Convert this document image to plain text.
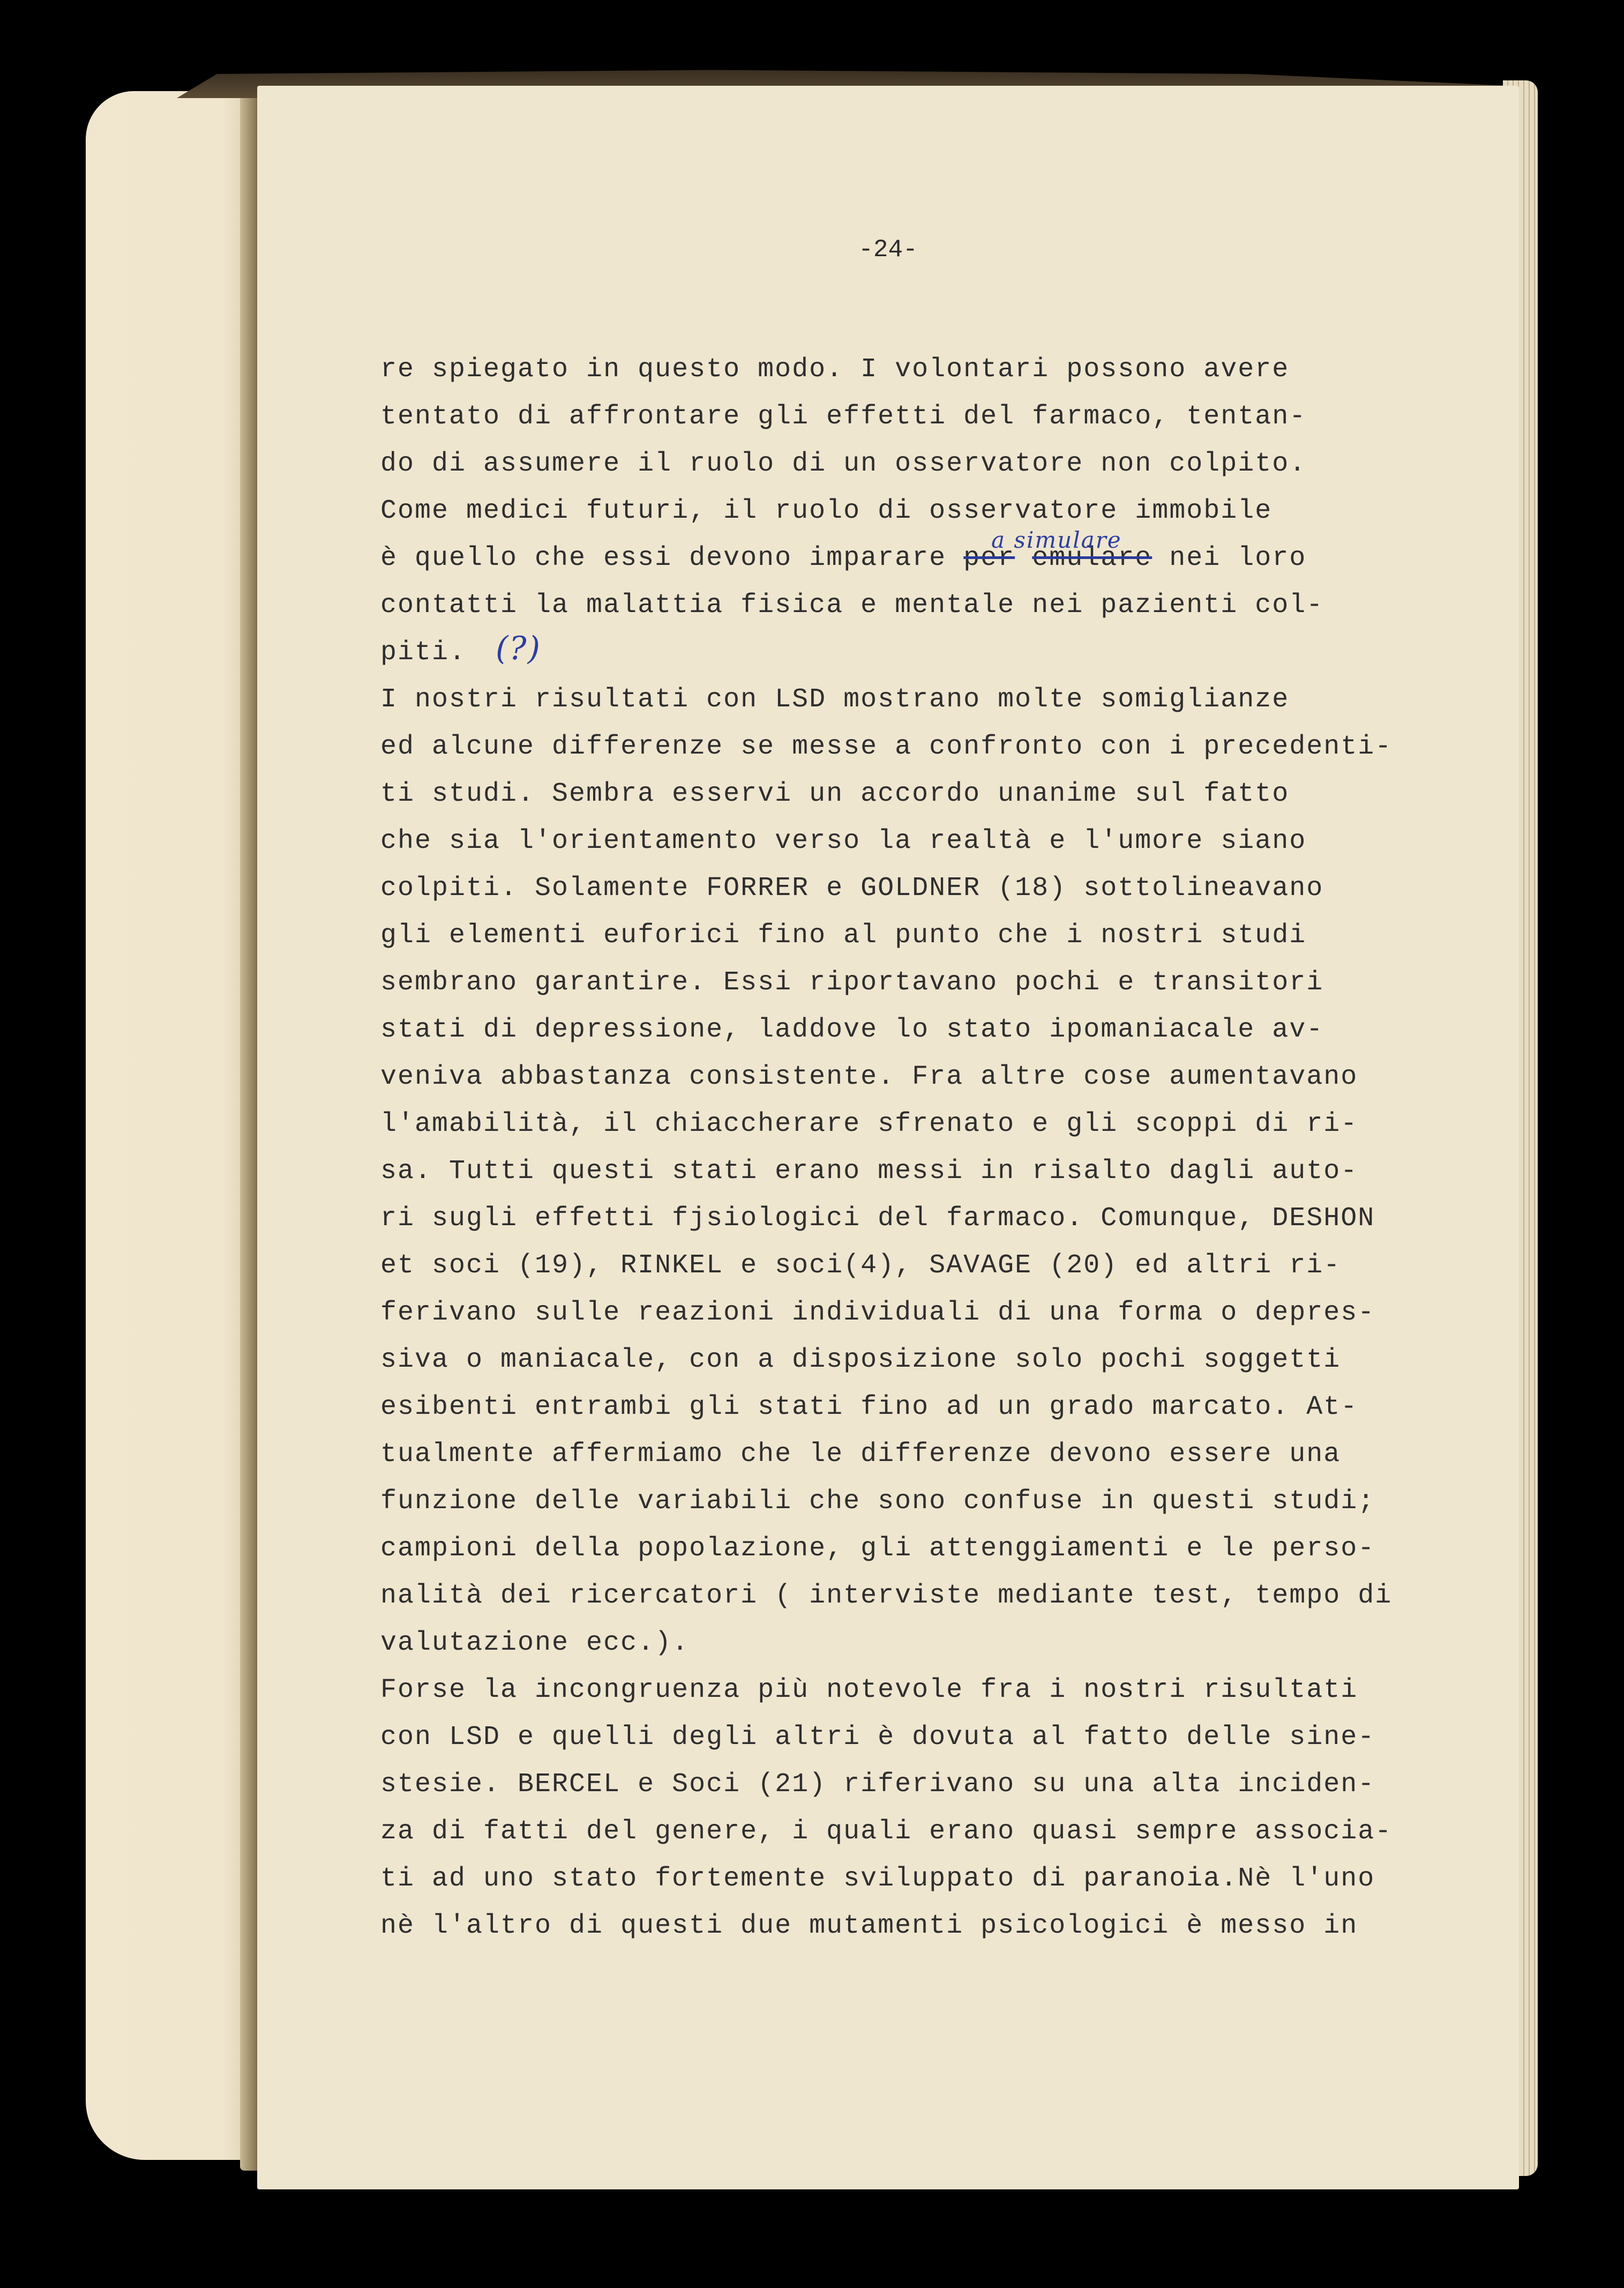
-24-
re spiegato in questo modo. I volontari possono avere
tentato di affrontare gli effetti del farmaco, tentan-
do di assumere il ruolo di un osservatore non colpito.
Come medici futuri, il ruolo di osservatore immobile
è quello che essi devono imparare per emulare nei loro
a simulare
contatti la malattia fisica e mentale nei pazienti col-
piti. (?)
I nostri risultati con LSD mostrano molte somiglianze
ed alcune differenze se messe a confronto con i precedenti-
ti studi. Sembra esservi un accordo unanime sul fatto
che sia l'orientamento verso la realtà e l'umore siano
colpiti. Solamente FORRER e GOLDNER (18) sottolineavano
gli elementi euforici fino al punto che i nostri studi
sembrano garantire. Essi riportavano pochi e transitori
stati di depressione, laddove lo stato ipomaniacale av-
veniva abbastanza consistente. Fra altre cose aumentavano
l'amabilità, il chiaccherare sfrenato e gli scoppi di ri-
sa. Tutti questi stati erano messi in risalto dagli auto-
ri sugli effetti fjsiologici del farmaco. Comunque, DESHON
et soci (19), RINKEL e soci(4), SAVAGE (20) ed altri ri-
ferivano sulle reazioni individuali di una forma o depres-
siva o maniacale, con a disposizione solo pochi soggetti
esibenti entrambi gli stati fino ad un grado marcato. At-
tualmente affermiamo che le differenze devono essere una
funzione delle variabili che sono confuse in questi studi;
campioni della popolazione, gli attenggiamenti e le perso-
nalità dei ricercatori ( interviste mediante test, tempo di
valutazione ecc.).
Forse la incongruenza più notevole fra i nostri risultati
con LSD e quelli degli altri è dovuta al fatto delle sine-
stesie. BERCEL e Soci (21) riferivano su una alta inciden-
za di fatti del genere, i quali erano quasi sempre associa-
ti ad uno stato fortemente sviluppato di paranoia.Nè l'uno
nè l'altro di questi due mutamenti psicologici è messo in
